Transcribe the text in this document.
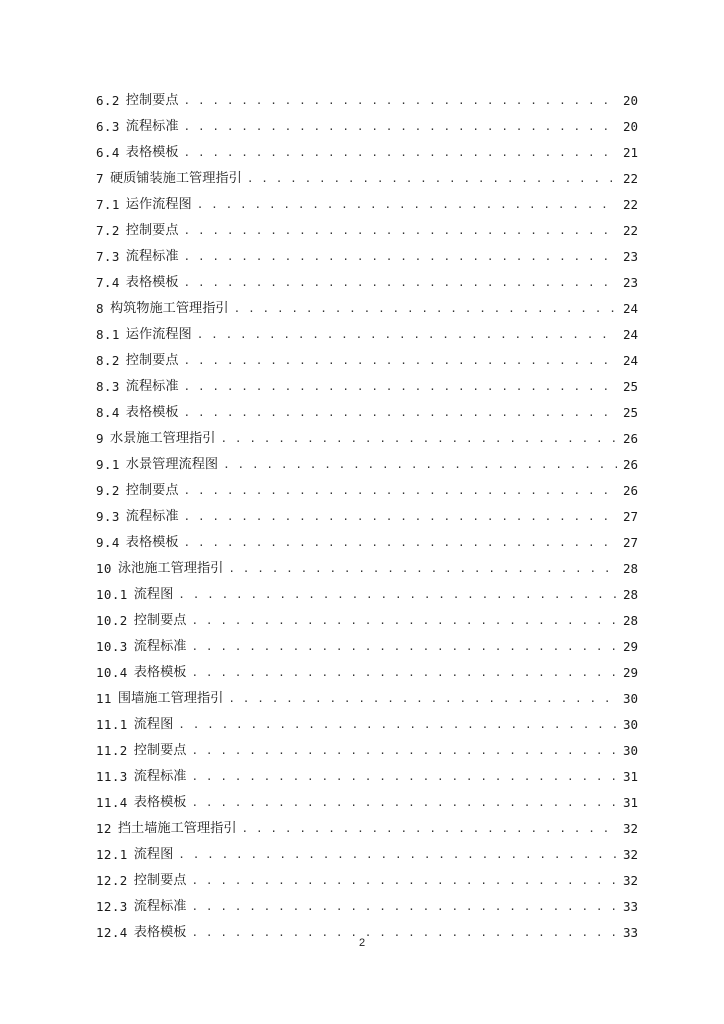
6.2 控制要点 . . .	20
6.3 流程标准 . . .	20
6.4 表格模板 . . .	21
7 硬质铺装施工管理指引 . . .	22
7.1 运作流程图 . . .	22
7.2 控制要点 . . .	22
7.3 流程标准 . . .	23
7.4 表格模板 . . .	23
8 构筑物施工管理指引 . . .	24
8.1 运作流程图 . . .	24
8.2 控制要点 . . .	24
8.3 流程标准 . . .	25
8.4 表格模板 . . .	25
9 水景施工管理指引 . . .	26
9.1 水景管理流程图 . . .	26
9.2 控制要点 . . .	26
9.3 流程标准 . . .	27
9.4 表格模板 . . .	27
10 泳池施工管理指引 . . .	28
10.1 流程图 . . .	28
10.2 控制要点 . . .	28
10.3 流程标准 . . .	29
10.4 表格模板 . . .	29
11 围墙施工管理指引 . . .	30
11.1 流程图 . . .	30
11.2 控制要点 . . .	30
11.3 流程标准 . . .	31
11.4 表格模板 . . .	31
12 挡土墙施工管理指引 . . .	32
12.1 流程图 . . .	32
12.2 控制要点 . . .	32
12.3 流程标准 . . .	33
12.4 表格模板 . . .	33
2
